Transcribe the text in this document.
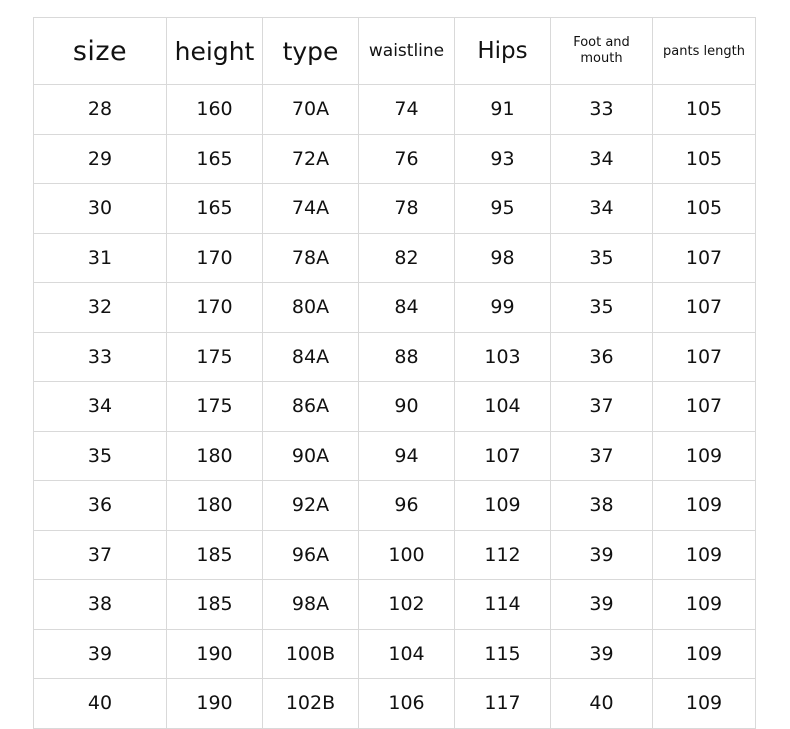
size	height	type	waistline	Hips	Foot and mouth	pants length
28	160	70A	74	91	33	105
29	165	72A	76	93	34	105
30	165	74A	78	95	34	105
31	170	78A	82	98	35	107
32	170	80A	84	99	35	107
33	175	84A	88	103	36	107
34	175	86A	90	104	37	107
35	180	90A	94	107	37	109
36	180	92A	96	109	38	109
37	185	96A	100	112	39	109
38	185	98A	102	114	39	109
39	190	100B	104	115	39	109
40	190	102B	106	117	40	109
